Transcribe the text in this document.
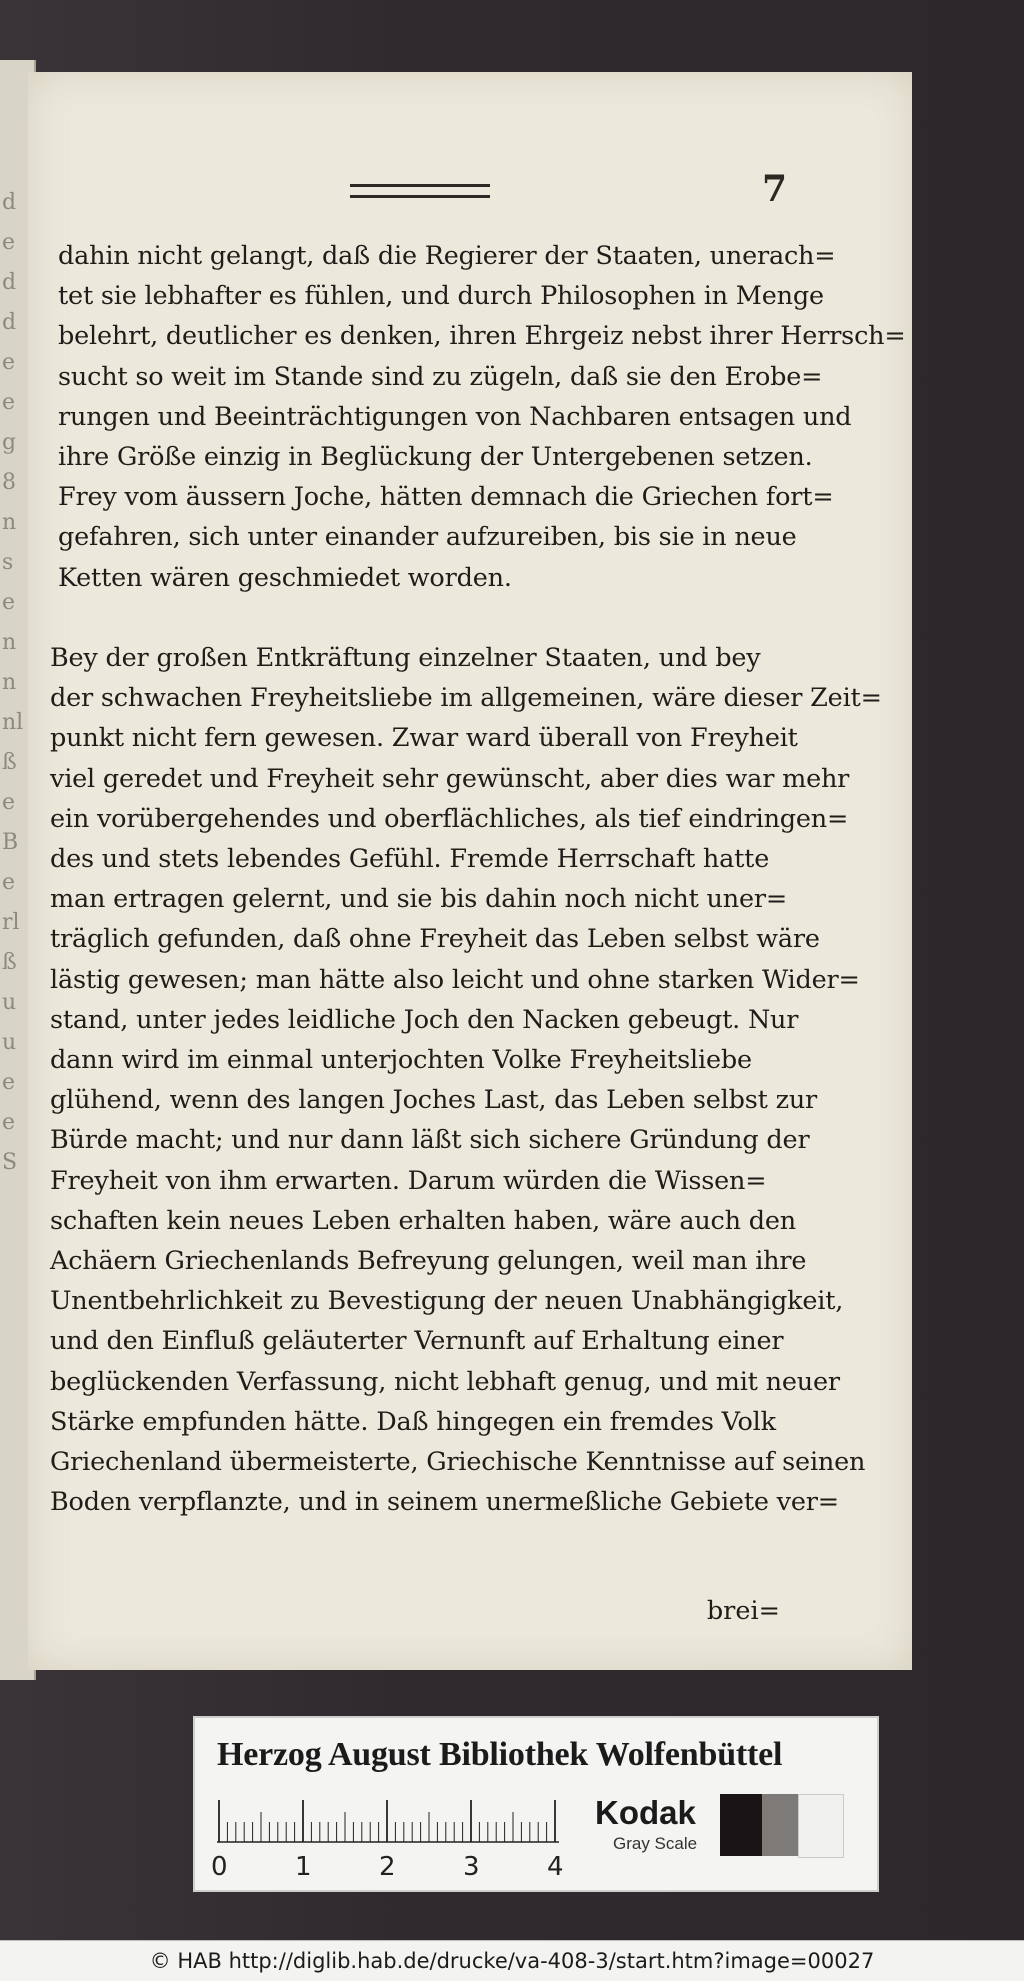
d
e
d
d
e
e
g
8
n
s
e
n
n
nl
ß
e
B
e
rl
ß
u
u
e
e
S
7
dahin nicht gelangt, daß die Regierer der Staaten, unerach=
tet sie lebhafter es fühlen, und durch Philosophen in Menge
belehrt, deutlicher es denken, ihren Ehrgeiz nebst ihrer Herrsch=
sucht so weit im Stande sind zu zügeln, daß sie den Erobe=
rungen und Beeinträchtigungen von Nachbaren entsagen und
ihre Größe einzig in Beglückung der Untergebenen setzen.
Frey vom äussern Joche, hätten demnach die Griechen fort=
gefahren, sich unter einander aufzureiben, bis sie in neue
Ketten wären geschmiedet worden.
Bey der großen Entkräftung einzelner Staaten, und bey
der schwachen Freyheitsliebe im allgemeinen, wäre dieser Zeit=
punkt nicht fern gewesen. Zwar ward überall von Freyheit
viel geredet und Freyheit sehr gewünscht, aber dies war mehr
ein vorübergehendes und oberflächliches, als tief eindringen=
des und stets lebendes Gefühl. Fremde Herrschaft hatte
man ertragen gelernt, und sie bis dahin noch nicht uner=
träglich gefunden, daß ohne Freyheit das Leben selbst wäre
lästig gewesen; man hätte also leicht und ohne starken Wider=
stand, unter jedes leidliche Joch den Nacken gebeugt. Nur
dann wird im einmal unterjochten Volke Freyheitsliebe
glühend, wenn des langen Joches Last, das Leben selbst zur
Bürde macht; und nur dann läßt sich sichere Gründung der
Freyheit von ihm erwarten. Darum würden die Wissen=
schaften kein neues Leben erhalten haben, wäre auch den
Achäern Griechenlands Befreyung gelungen, weil man ihre
Unentbehrlichkeit zu Bevestigung der neuen Unabhängigkeit,
und den Einfluß geläuterter Vernunft auf Erhaltung einer
beglückenden Verfassung, nicht lebhaft genug, und mit neuer
Stärke empfunden hätte. Daß hingegen ein fremdes Volk
Griechenland übermeisterte, Griechische Kenntnisse auf seinen
Boden verpflanzte, und in seinem unermeßliche Gebiete ver=
brei=
Herzog August Bibliothek Wolfenbüttel
0	1	2	3	4
Kodak
Gray Scale
© HAB http://diglib.hab.de/drucke/va-408-3/start.htm?image=00027
